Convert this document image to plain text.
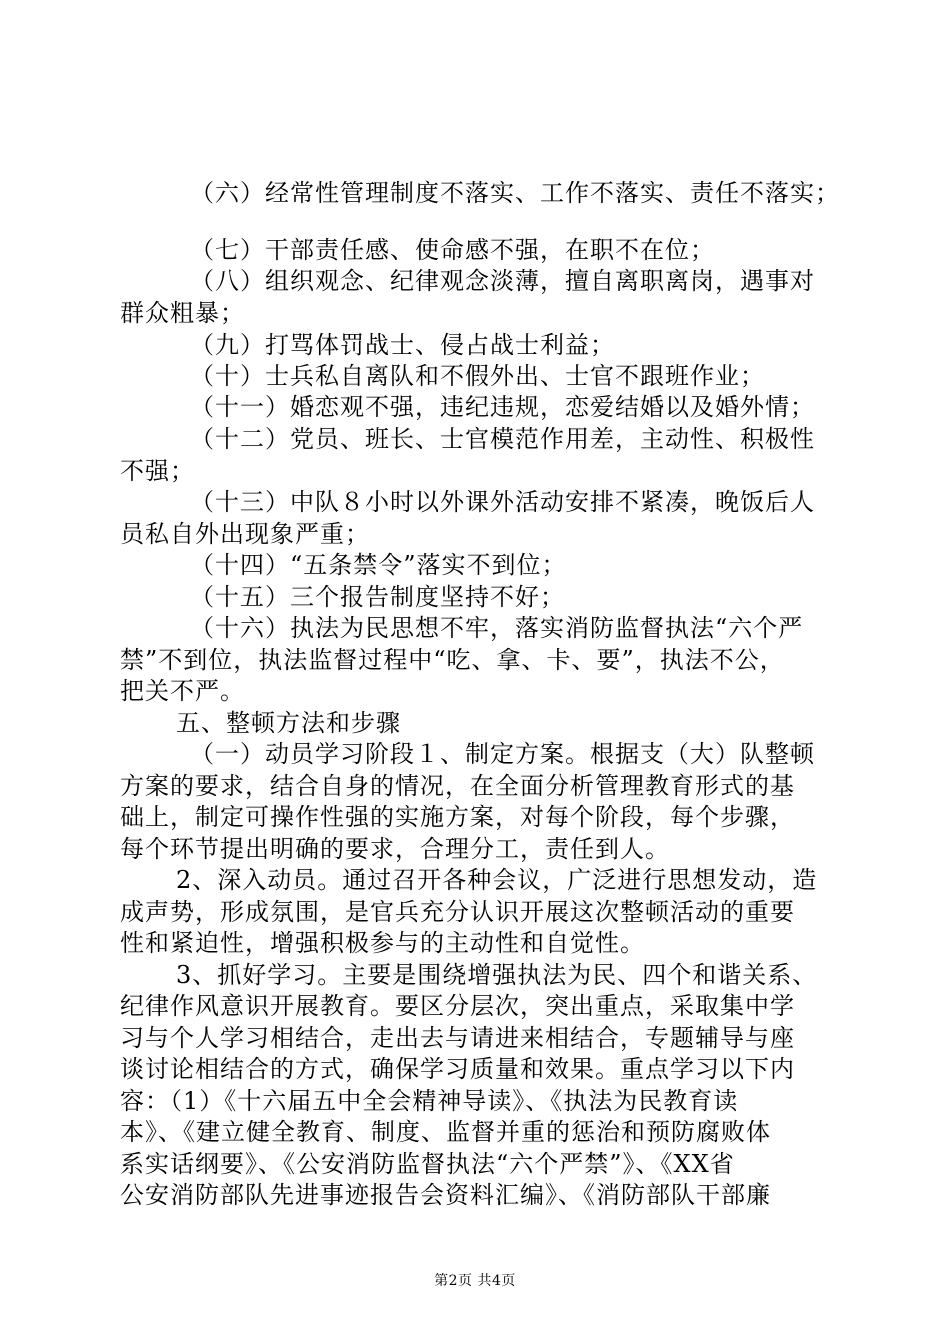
（六）经常性管理制度不落实、工作不落实、责任不落实；
（七）干部责任感、使命感不强，在职不在位；
（八）组织观念、纪律观念淡薄，擅自离职离岗，遇事对
群众粗暴；
（九）打骂体罚战士、侵占战士利益；
（十）士兵私自离队和不假外出、士官不跟班作业；
（十一）婚恋观不强，违纪违规，恋爱结婚以及婚外情；
（十二）党员、班长、士官模范作用差，主动性、积极性
不强；
（十三）中队８小时以外课外活动安排不紧凑，晚饭后人
员私自外出现象严重；
（十四）“五条禁令”落实不到位；
（十五）三个报告制度坚持不好；
（十六）执法为民思想不牢，落实消防监督执法“六个严
禁”不到位，执法监督过程中“吃、拿、卡、要”，执法不公，
把关不严。
五、整顿方法和步骤
（一）动员学习阶段１、制定方案。根据支（大）队整顿
方案的要求，结合自身的情况，在全面分析管理教育形式的基
础上，制定可操作性强的实施方案，对每个阶段，每个步骤，
每个环节提出明确的要求，合理分工，责任到人。
2、深入动员。通过召开各种会议，广泛进行思想发动，造
成声势，形成氛围，是官兵充分认识开展这次整顿活动的重要
性和紧迫性，增强积极参与的主动性和自觉性。
3、抓好学习。主要是围绕增强执法为民、四个和谐关系、
纪律作风意识开展教育。要区分层次，突出重点，采取集中学
习与个人学习相结合，走出去与请进来相结合，专题辅导与座
谈讨论相结合的方式，确保学习质量和效果。重点学习以下内
容：（1）《十六届五中全会精神导读》、《执法为民教育读
本》、《建立健全教育、制度、监督并重的惩治和预防腐败体
系实话纲要》、《公安消防监督执法“六个严禁”》、《XX省
公安消防部队先进事迹报告会资料汇编》、《消防部队干部廉
第2页 共4页
